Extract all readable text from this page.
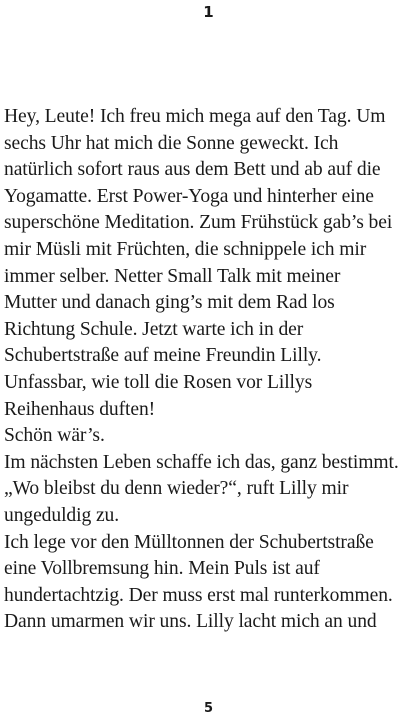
1
Hey, Leute! Ich freu mich mega auf den Tag. Um
sechs Uhr hat mich die Sonne geweckt. Ich
natürlich sofort raus aus dem Bett und ab auf die
Yogamatte. Erst Power-Yoga und hinterher eine
superschöne Meditation. Zum Frühstück gab’s bei
mir Müsli mit Früchten, die schnippele ich mir
immer selber. Netter Small Talk mit meiner
Mutter und danach ging’s mit dem Rad los
Richtung Schule. Jetzt warte ich in der
Schubertstraße auf meine Freundin Lilly.
Unfassbar, wie toll die Rosen vor Lillys
Reihenhaus duften!
Schön wär’s.
Im nächsten Leben schaffe ich das, ganz bestimmt.
„Wo bleibst du denn wieder?“, ruft Lilly mir
ungeduldig zu.
Ich lege vor den Mülltonnen der Schubertstraße
eine Vollbremsung hin. Mein Puls ist auf
hundertachtzig. Der muss erst mal runterkommen.
Dann umarmen wir uns. Lilly lacht mich an und
5
